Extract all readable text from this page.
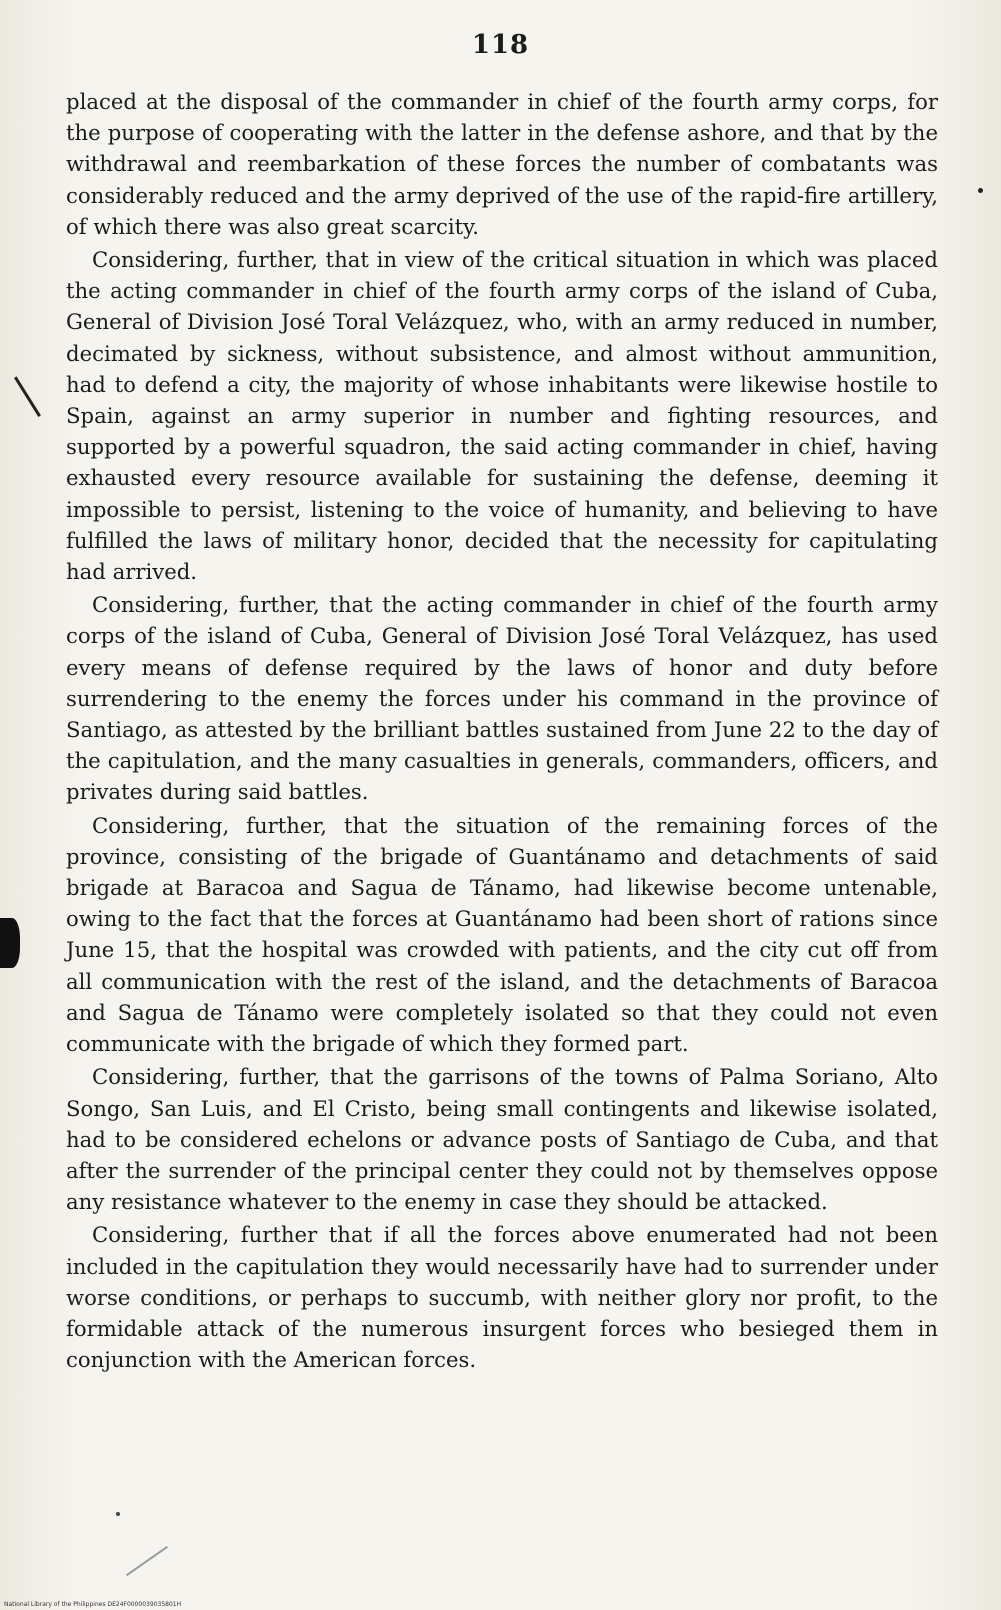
118

placed at the disposal of the commander in chief of the fourth army corps, for the purpose of cooperating with the latter in the defense ashore, and that by the withdrawal and reembarkation of these forces the number of combatants was considerably reduced and the army deprived of the use of the rapid-fire artillery, of which there was also great scarcity.

Considering, further, that in view of the critical situation in which was placed the acting commander in chief of the fourth army corps of the island of Cuba, General of Division José Toral Velázquez, who, with an army reduced in number, decimated by sickness, without subsistence, and almost without ammunition, had to defend a city, the majority of whose inhabitants were likewise hostile to Spain, against an army superior in number and fighting resources, and supported by a powerful squadron, the said acting commander in chief, having exhausted every resource available for sustaining the defense, deeming it impossible to persist, listening to the voice of humanity, and believing to have fulfilled the laws of military honor, decided that the necessity for capitulating had arrived.

Considering, further, that the acting commander in chief of the fourth army corps of the island of Cuba, General of Division José Toral Velázquez, has used every means of defense required by the laws of honor and duty before surrendering to the enemy the forces under his command in the province of Santiago, as attested by the brilliant battles sustained from June 22 to the day of the capitulation, and the many casualties in generals, commanders, officers, and privates during said battles.

Considering, further, that the situation of the remaining forces of the province, consisting of the brigade of Guantánamo and detachments of said brigade at Baracoa and Sagua de Tánamo, had likewise become untenable, owing to the fact that the forces at Guantánamo had been short of rations since June 15, that the hospital was crowded with patients, and the city cut off from all communication with the rest of the island, and the detachments of Baracoa and Sagua de Tánamo were completely isolated so that they could not even communicate with the brigade of which they formed part.

Considering, further, that the garrisons of the towns of Palma Soriano, Alto Songo, San Luis, and El Cristo, being small contingents and likewise isolated, had to be considered echelons or advance posts of Santiago de Cuba, and that after the surrender of the principal center they could not by themselves oppose any resistance whatever to the enemy in case they should be attacked.

Considering, further that if all the forces above enumerated had not been included in the capitulation they would necessarily have had to surrender under worse conditions, or perhaps to succumb, with neither glory nor profit, to the formidable attack of the numerous insurgent forces who besieged them in conjunction with the American forces.

National Library of the Philippines DE24F0000039035801H
